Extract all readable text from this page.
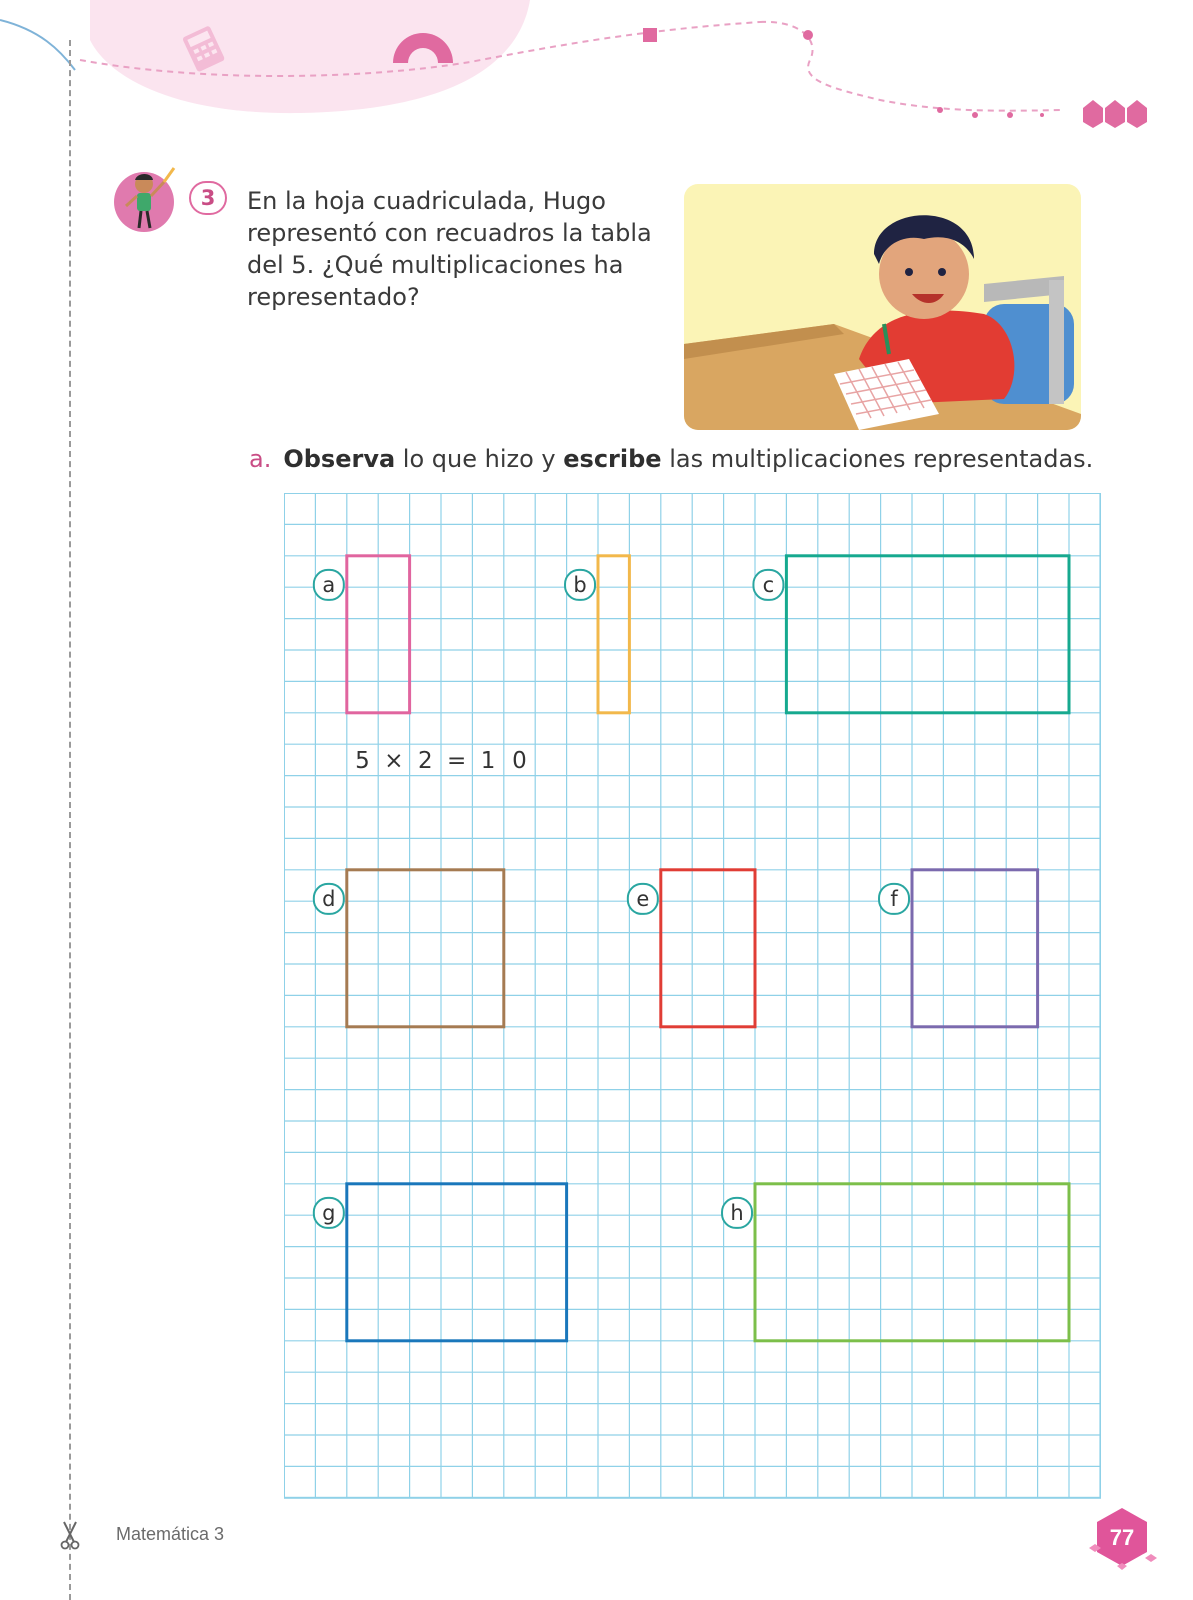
3	En la hoja cuadriculada, Hugo representó con recuadros la tabla del 5. ¿Qué multiplicaciones ha representado?
a. Observa lo que hizo y escribe las multiplicaciones representadas.
a	b	c
d	e	f
g	h
5 × 2 = 1 0
Matemática 3	77
